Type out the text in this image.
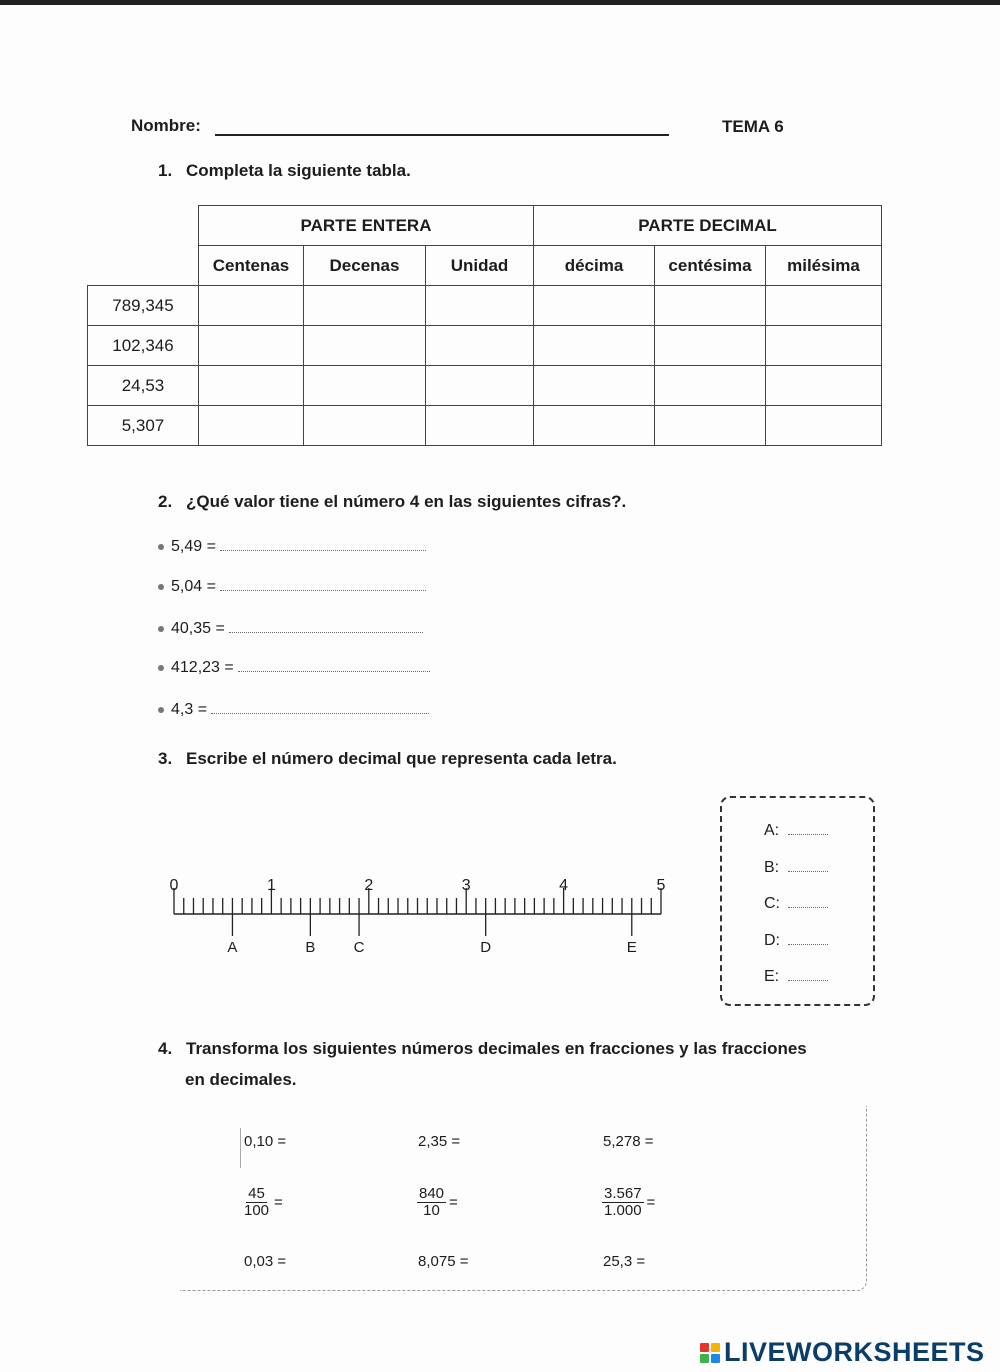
Nombre:	TEMA 6
1. Completa la siguiente tabla.
	PARTE ENTERA			PARTE DECIMAL		
	Centenas	Decenas	Unidad	décima	centésima	milésima
789,345						
102,346						
24,53						
5,307						
2. ¿Qué valor tiene el número 4 en las siguientes cifras?.
5,49 =
5,04 =
40,35 =
412,23 =
4,3 =
3. Escribe el número decimal que representa cada letra.
0	1	2	3	4	5
A	B	C	D	E
A:
B:
C:
D:
E:
4. Transforma los siguientes números decimales en fracciones y las fracciones
en decimales.
0,10 =	2,35 =	5,278 =
$\frac{45}{100}$ =	$\frac{840}{10}$ =	$\frac{3.567}{1.000}$ =
0,03 =	8,075 =	25,3 =
LIVEWORKSHEETS
